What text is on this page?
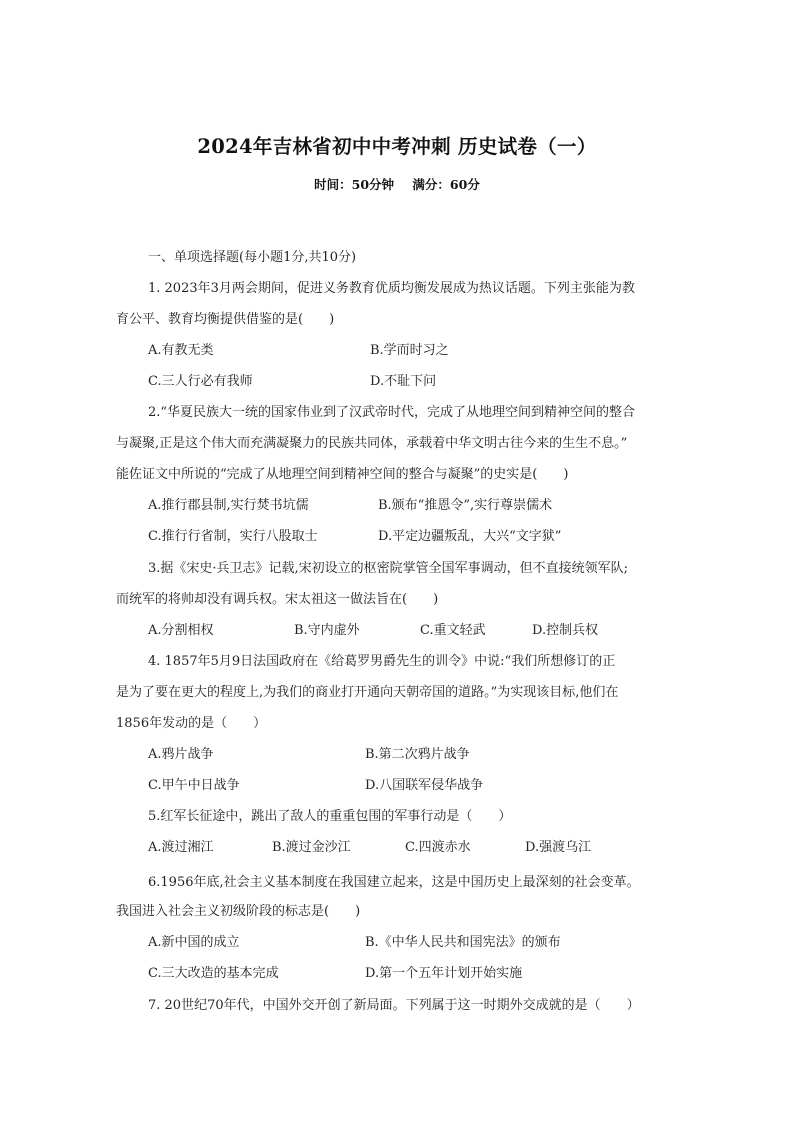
2024年吉林省初中中考冲刺 历史试卷（一）
时间：50分钟 满分：60分
一、单项选择题(每小题1分,共10分)
1. 2023年3月两会期间，促进义务教育优质均衡发展成为热议话题。下列主张能为教
育公平、教育均衡提供借鉴的是(　　)
A.有教无类	B.学而时习之
C.三人行必有我师	D.不耻下问
2.“华夏民族大一统的国家伟业到了汉武帝时代，完成了从地理空间到精神空间的整合
与凝聚,正是这个伟大而充满凝聚力的民族共同体，承载着中华文明古往今来的生生不息。”
能佐证文中所说的“完成了从地理空间到精神空间的整合与凝聚”的史实是(　　)
A.推行郡县制,实行焚书坑儒	B.颁布“推恩令”,实行尊崇儒术
C.推行行省制，实行八股取士	D.平定边疆叛乱，大兴“文字狱”
3.据《宋史·兵卫志》记载,宋初设立的枢密院掌管全国军事调动，但不直接统领军队;
而统军的将帅却没有调兵权。宋太祖这一做法旨在(　　)
A.分割相权	B.守内虚外	C.重文轻武	D.控制兵权
4. 1857年5月9日法国政府在《给葛罗男爵先生的训令》中说:“我们所想修订的正
是为了要在更大的程度上,为我们的商业打开通向天朝帝国的道路。”为实现该目标,他们在
1856年发动的是（　　）
A.鸦片战争	B.第二次鸦片战争
C.甲午中日战争	D.八国联军侵华战争
5.红军长征途中，跳出了敌人的重重包围的军事行动是（　　）
A.渡过湘江	B.渡过金沙江	C.四渡赤水	D.强渡乌江
6.1956年底,社会主义基本制度在我国建立起来，这是中国历史上最深刻的社会变革。
我国进入社会主义初级阶段的标志是(　　)
A.新中国的成立	B.《中华人民共和国宪法》的颁布
C.三大改造的基本完成	D.第一个五年计划开始实施
7. 20世纪70年代，中国外交开创了新局面。下列属于这一时期外交成就的是（　　）
